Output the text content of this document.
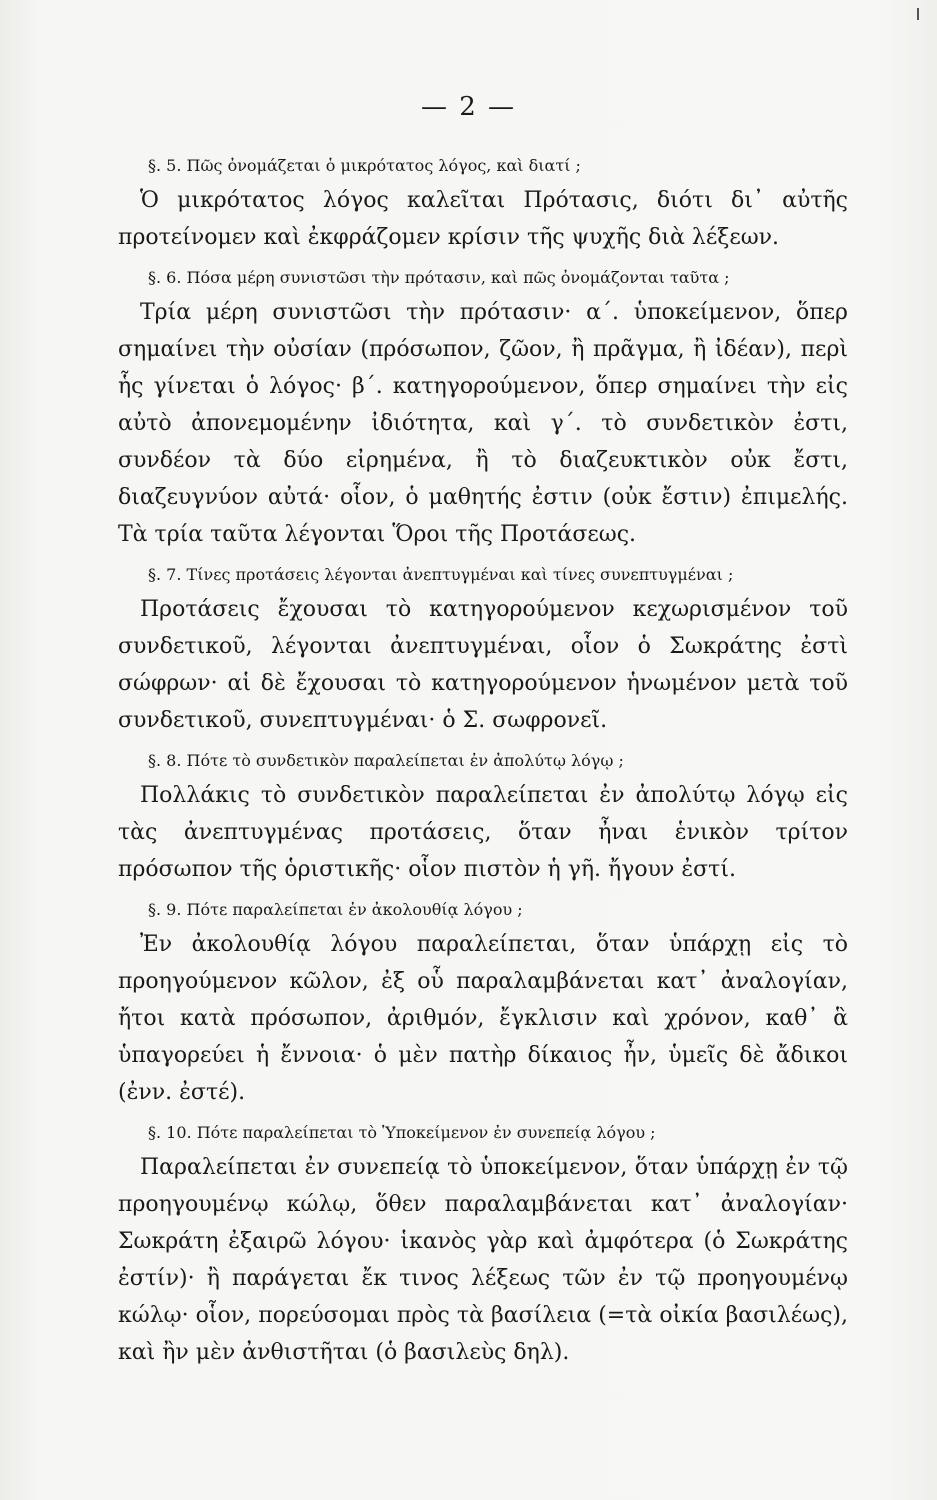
— 2 —

§. 5. Πῶς ὀνομάζεται ὁ μικρότατος λόγος, καὶ διατί ;

Ὁ μικρότατος λόγος καλεῖται Πρότασις, διότι δι᾽ αὐτῆς προτείνομεν καὶ ἐκφράζομεν κρίσιν τῆς ψυχῆς διὰ λέξεων.

§. 6. Πόσα μέρη συνιστῶσι τὴν πρότασιν, καὶ πῶς ὀνομάζονται ταῦτα ;

Τρία μέρη συνιστῶσι τὴν πρότασιν· α΄. ὑποκείμενον, ὅπερ σημαίνει τὴν οὐσίαν (πρόσωπον, ζῶον, ἢ πρᾶγμα, ἢ ἰδέαν), περὶ ἧς γίνεται ὁ λόγος· β΄. κατηγορούμενον, ὅπερ σημαίνει τὴν εἰς αὐτὸ ἀπονεμομένην ἰδιότητα, καὶ γ΄. τὸ συνδετικὸν ἐστι, συνδέον τὰ δύο εἰρημένα, ἢ τὸ διαζευκτικὸν οὐκ ἔστι, διαζευγνύον αὐτά· οἷον, ὁ μαθητής ἐστιν (οὐκ ἔστιν) ἐπιμελής. Τὰ τρία ταῦτα λέγονται Ὅροι τῆς Προτάσεως.

§. 7. Τίνες προτάσεις λέγονται ἀνεπτυγμέναι καὶ τίνες συνεπτυγμέναι ;

Προτάσεις ἔχουσαι τὸ κατηγορούμενον κεχωρισμένον τοῦ συνδετικοῦ, λέγονται ἀνεπτυγμέναι, οἷον ὁ Σωκράτης ἐστὶ σώφρων· αἱ δὲ ἔχουσαι τὸ κατηγορούμενον ἡνωμένον μετὰ τοῦ συνδετικοῦ, συνεπτυγμέναι· ὁ Σ. σωφρονεῖ.

§. 8. Πότε τὸ συνδετικὸν παραλείπεται ἐν ἀπολύτῳ λόγῳ ;

Πολλάκις τὸ συνδετικὸν παραλείπεται ἐν ἀπολύτῳ λόγῳ εἰς τὰς ἀνεπτυγμένας προτάσεις, ὅταν ἦναι ἑνικὸν τρίτον πρόσωπον τῆς ὁριστικῆς· οἷον πιστὸν ἡ γῆ. ἤγουν ἐστί.

§. 9. Πότε παραλείπεται ἐν ἀκολουθίᾳ λόγου ;

Ἐν ἀκολουθίᾳ λόγου παραλείπεται, ὅταν ὑπάρχῃ εἰς τὸ προηγούμενον κῶλον, ἐξ οὗ παραλαμβάνεται κατ᾽ ἀναλογίαν, ἤτοι κατὰ πρόσωπον, ἀριθμόν, ἔγκλισιν καὶ χρόνον, καθ᾽ ἃ ὑπαγορεύει ἡ ἔννοια· ὁ μὲν πατὴρ δίκαιος ἦν, ὑμεῖς δὲ ἄδικοι (ἐνν. ἐστέ).

§. 10. Πότε παραλείπεται τὸ Ὑποκείμενον ἐν συνεπείᾳ λόγου ;

Παραλείπεται ἐν συνεπείᾳ τὸ ὑποκείμενον, ὅταν ὑπάρχῃ ἐν τῷ προηγουμένῳ κώλῳ, ὅθεν παραλαμβάνεται κατ᾽ ἀναλογίαν· Σωκράτη ἐξαιρῶ λόγου· ἱκανὸς γὰρ καὶ ἀμφότερα (ὁ Σωκράτης ἐστίν)· ἢ παράγεται ἔκ τινος λέξεως τῶν ἐν τῷ προηγουμένῳ κώλῳ· οἷον, πορεύσομαι πρὸς τὰ βασίλεια (=τὰ οἰκία βασιλέως), καὶ ἢν μὲν ἀνθιστῆται (ὁ βασιλεὺς δηλ).
